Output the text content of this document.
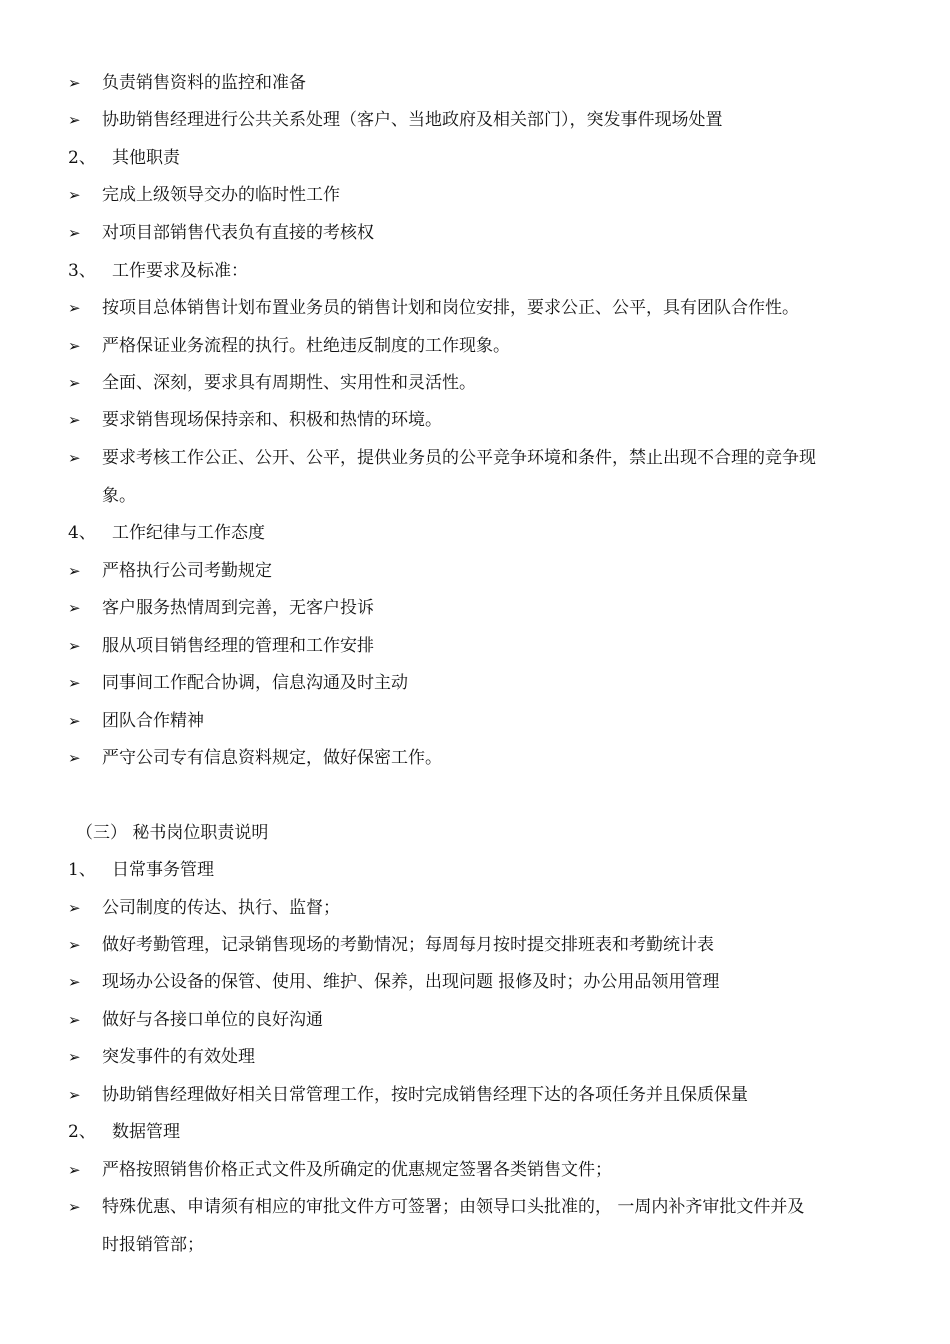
➢	负责销售资料的监控和准备
➢	协助销售经理进行公共关系处理（客户、当地政府及相关部门），突发事件现场处置
2、 其他职责
➢	完成上级领导交办的临时性工作
➢	对项目部销售代表负有直接的考核权
3、 工作要求及标准：
➢	按项目总体销售计划布置业务员的销售计划和岗位安排，要求公正、公平，具有团队合作性。
➢	严格保证业务流程的执行。杜绝违反制度的工作现象。
➢	全面、深刻，要求具有周期性、实用性和灵活性。
➢	要求销售现场保持亲和、积极和热情的环境。
➢	要求考核工作公正、公开、公平，提供业务员的公平竞争环境和条件，禁止出现不合理的竞争现
象。
4、 工作纪律与工作态度
➢	严格执行公司考勤规定
➢	客户服务热情周到完善，无客户投诉
➢	服从项目销售经理的管理和工作安排
➢	同事间工作配合协调，信息沟通及时主动
➢	团队合作精神
➢	严守公司专有信息资料规定，做好保密工作。
（三） 秘书岗位职责说明
1、 日常事务管理
➢	公司制度的传达、执行、监督；
➢	做好考勤管理，记录销售现场的考勤情况；每周每月按时提交排班表和考勤统计表
➢	现场办公设备的保管、使用、维护、保养，出现问题 报修及时；办公用品领用管理
➢	做好与各接口单位的良好沟通
➢	突发事件的有效处理
➢	协助销售经理做好相关日常管理工作，按时完成销售经理下达的各项任务并且保质保量
2、 数据管理
➢	严格按照销售价格正式文件及所确定的优惠规定签署各类销售文件；
➢	特殊优惠、申请须有相应的审批文件方可签署；由领导口头批准的， 一周内补齐审批文件并及
时报销管部；
